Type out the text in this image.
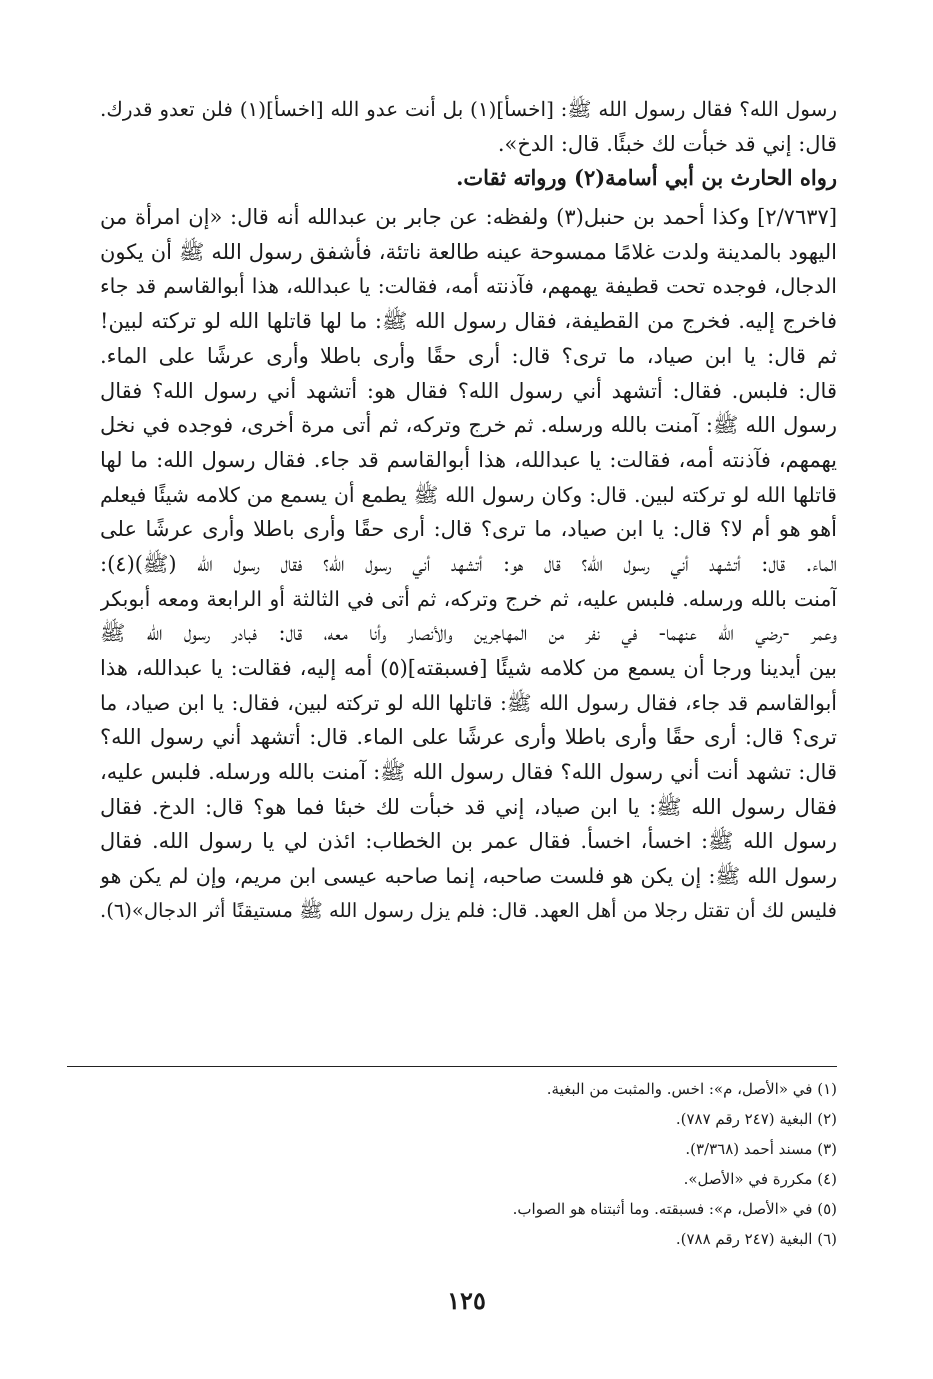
رسول الله؟ فقال رسول الله ﷺ: [اخسأ](١) بل أنت عدو الله [اخسأ](١) فلن تعدو قدرك.
قال: إني قد خبأت لك خبئًا. قال: الدخ».
رواه الحارث بن أبي أسامة(٢) ورواته ثقات.
[٢/٧٦٣٧] وكذا أحمد بن حنبل(٣) ولفظه: عن جابر بن عبدالله أنه قال: «إن امرأة من
اليهود بالمدينة ولدت غلامًا ممسوحة عينه طالعة ناتئة، فأشفق رسول الله ﷺ أن يكون
الدجال، فوجده تحت قطيفة يهمهم، فآذنته أمه، فقالت: يا عبدالله، هذا أبوالقاسم قد جاء
فاخرج إليه. فخرج من القطيفة، فقال رسول الله ﷺ: ما لها قاتلها الله لو تركته لبين!
ثم قال: يا ابن صياد، ما ترى؟ قال: أرى حقًا وأرى باطلا وأرى عرشًا على الماء.
قال: فلبس. فقال: أتشهد أني رسول الله؟ فقال هو: أتشهد أني رسول الله؟ فقال
رسول الله ﷺ: آمنت بالله ورسله. ثم خرج وتركه، ثم أتى مرة أخرى، فوجده في نخل
يهمهم، فآذنته أمه، فقالت: يا عبدالله، هذا أبوالقاسم قد جاء. فقال رسول الله: ما لها
قاتلها الله لو تركته لبين. قال: وكان رسول الله ﷺ يطمع أن يسمع من كلامه شيئًا فيعلم
أهو هو أم لا؟ قال: يا ابن صياد، ما ترى؟ قال: أرى حقًا وأرى باطلا وأرى عرشًا على
الماء. قال: أتشهد أني رسول الله؟ قال هو: أتشهد أني رسول الله؟ فقال رسول الله (ﷺ)(٤):
آمنت بالله ورسله. فلبس عليه، ثم خرج وتركه، ثم أتى في الثالثة أو الرابعة ومعه أبوبكر
وعمر -رضي الله عنهما- في نفر من المهاجرين والأنصار وأنا معه، قال: فبادر رسول الله ﷺ
بين أيدينا ورجا أن يسمع من كلامه شيئًا [فسبقته](٥) أمه إليه، فقالت: يا عبدالله، هذا
أبوالقاسم قد جاء، فقال رسول الله ﷺ: قاتلها الله لو تركته لبين، فقال: يا ابن صياد، ما
ترى؟ قال: أرى حقًا وأرى باطلا وأرى عرشًا على الماء. قال: أتشهد أني رسول الله؟
قال: تشهد أنت أني رسول الله؟ فقال رسول الله ﷺ: آمنت بالله ورسله. فلبس عليه،
فقال رسول الله ﷺ: يا ابن صياد، إني قد خبأت لك خبئا فما هو؟ قال: الدخ. فقال
رسول الله ﷺ: اخسأ، اخسأ. فقال عمر بن الخطاب: ائذن لي يا رسول الله. فقال
رسول الله ﷺ: إن يكن هو فلست صاحبه، إنما صاحبه عيسى ابن مريم، وإن لم يكن هو
فليس لك أن تقتل رجلا من أهل العهد. قال: فلم يزل رسول الله ﷺ مستيقنًا أثر الدجال»(٦).
(١) في «الأصل، م»: اخس. والمثبت من البغية.
(٢) البغية (٢٤٧ رقم ٧٨٧).
(٣) مسند أحمد (٣/٣٦٨).
(٤) مكررة في «الأصل».
(٥) في «الأصل، م»: فسبقته. وما أثبتناه هو الصواب.
(٦) البغية (٢٤٧ رقم ٧٨٨).
١٢٥
